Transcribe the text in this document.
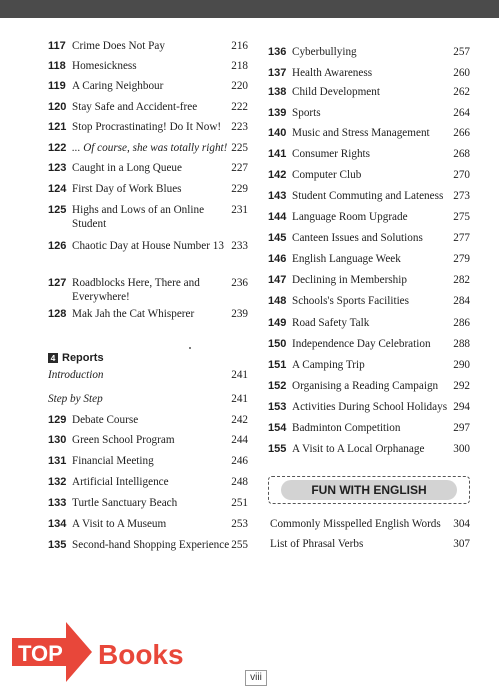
117 Crime Does Not Pay	216
118 Homesickness	218
119 A Caring Neighbour	220
120 Stay Safe and Accident-free	222
121 Stop Procrastinating! Do It Now! 223
122 ... Of course, she was totally right! 225
123 Caught in a Long Queue	227
124 First Day of Work Blues	229
125 Highs and Lows of an Online Student
231
126 Chaotic Day at House Number 13 233
127 Roadblocks Here, There and Everywhere!
236
128 Mak Jah the Cat Whisperer	239
4 Reports
Introduction	241
Step by Step	241
129 Debate Course	242
130 Green School Program	244
131 Financial Meeting	246
132 Artificial Intelligence	248
133 Turtle Sanctuary Beach	251
134 A Visit to A Museum	253
135 Second-hand Shopping Experience 255
136 Cyberbullying	257
137 Health Awareness	260
138 Child Development	262
139 Sports	264
140 Music and Stress Management	266
141 Consumer Rights	268
142 Computer Club	270
143 Student Commuting and Lateness 273
144 Language Room Upgrade	275
145 Canteen Issues and Solutions	277
146 English Language Week	279
147 Declining in Membership	282
148 Schools's Sports Facilities	284
149 Road Safety Talk	286
150 Independence Day Celebration	288
151 A Camping Trip	290
152 Organising a Reading Campaign	292
153 Activities During School Holidays 294
154 Badminton Competition	297
155 A Visit to A Local Orphanage	300
FUN WITH ENGLISH
Commonly Misspelled English Words	304
List of Phrasal Verbs	307
TOP Books
viii
